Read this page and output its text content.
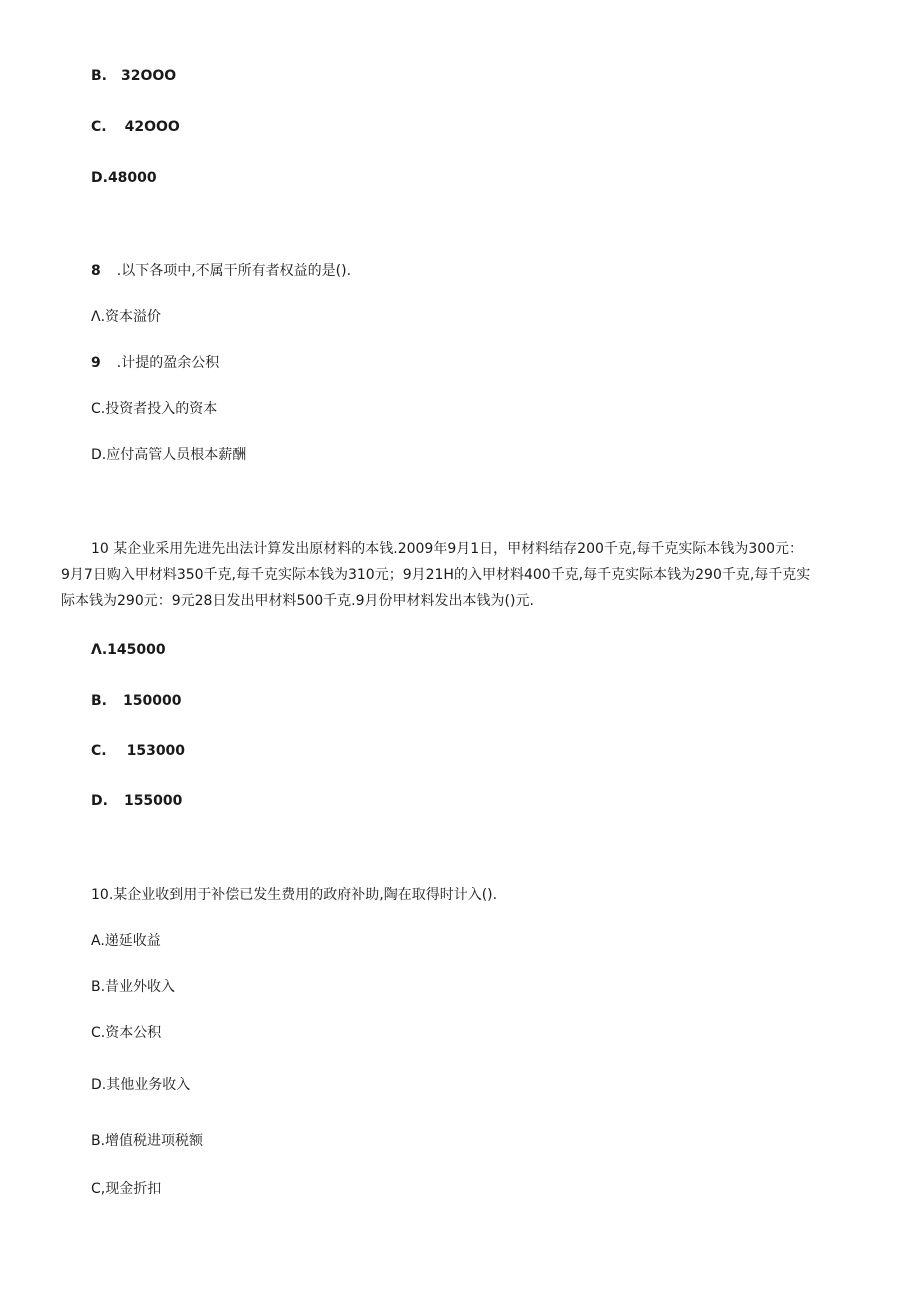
B. 32OOO
C. 42OOO
D.48000
8 .以下各项中,不属干所有者权益的是().
Λ.资本溢价
9 .计提的盈余公积
C.投资者投入的资本
D.应付高管人员根本薪酬
10 某企业采用先进先出法计算发出原材料的本钱.2009年9月1日，甲材料结存200千克,每千克实际本钱为300元：
9月7日购入甲材料350千克,每千克实际本钱为310元；9月21H的入甲材料400千克,每千克实际本钱为290千克,每千克实
际本钱为290元：9元28日发出甲材料500千克.9月份甲材料发出本钱为()元.
Λ.145000
B. 150000
C. 153000
D. 155000
10.某企业收到用于补偿已发生费用的政府补助,陶在取得时计入().
A.递延收益
B.昔业外收入
C.资本公积
D.其他业务收入
B.增值税进项税额
C,现金折扣
